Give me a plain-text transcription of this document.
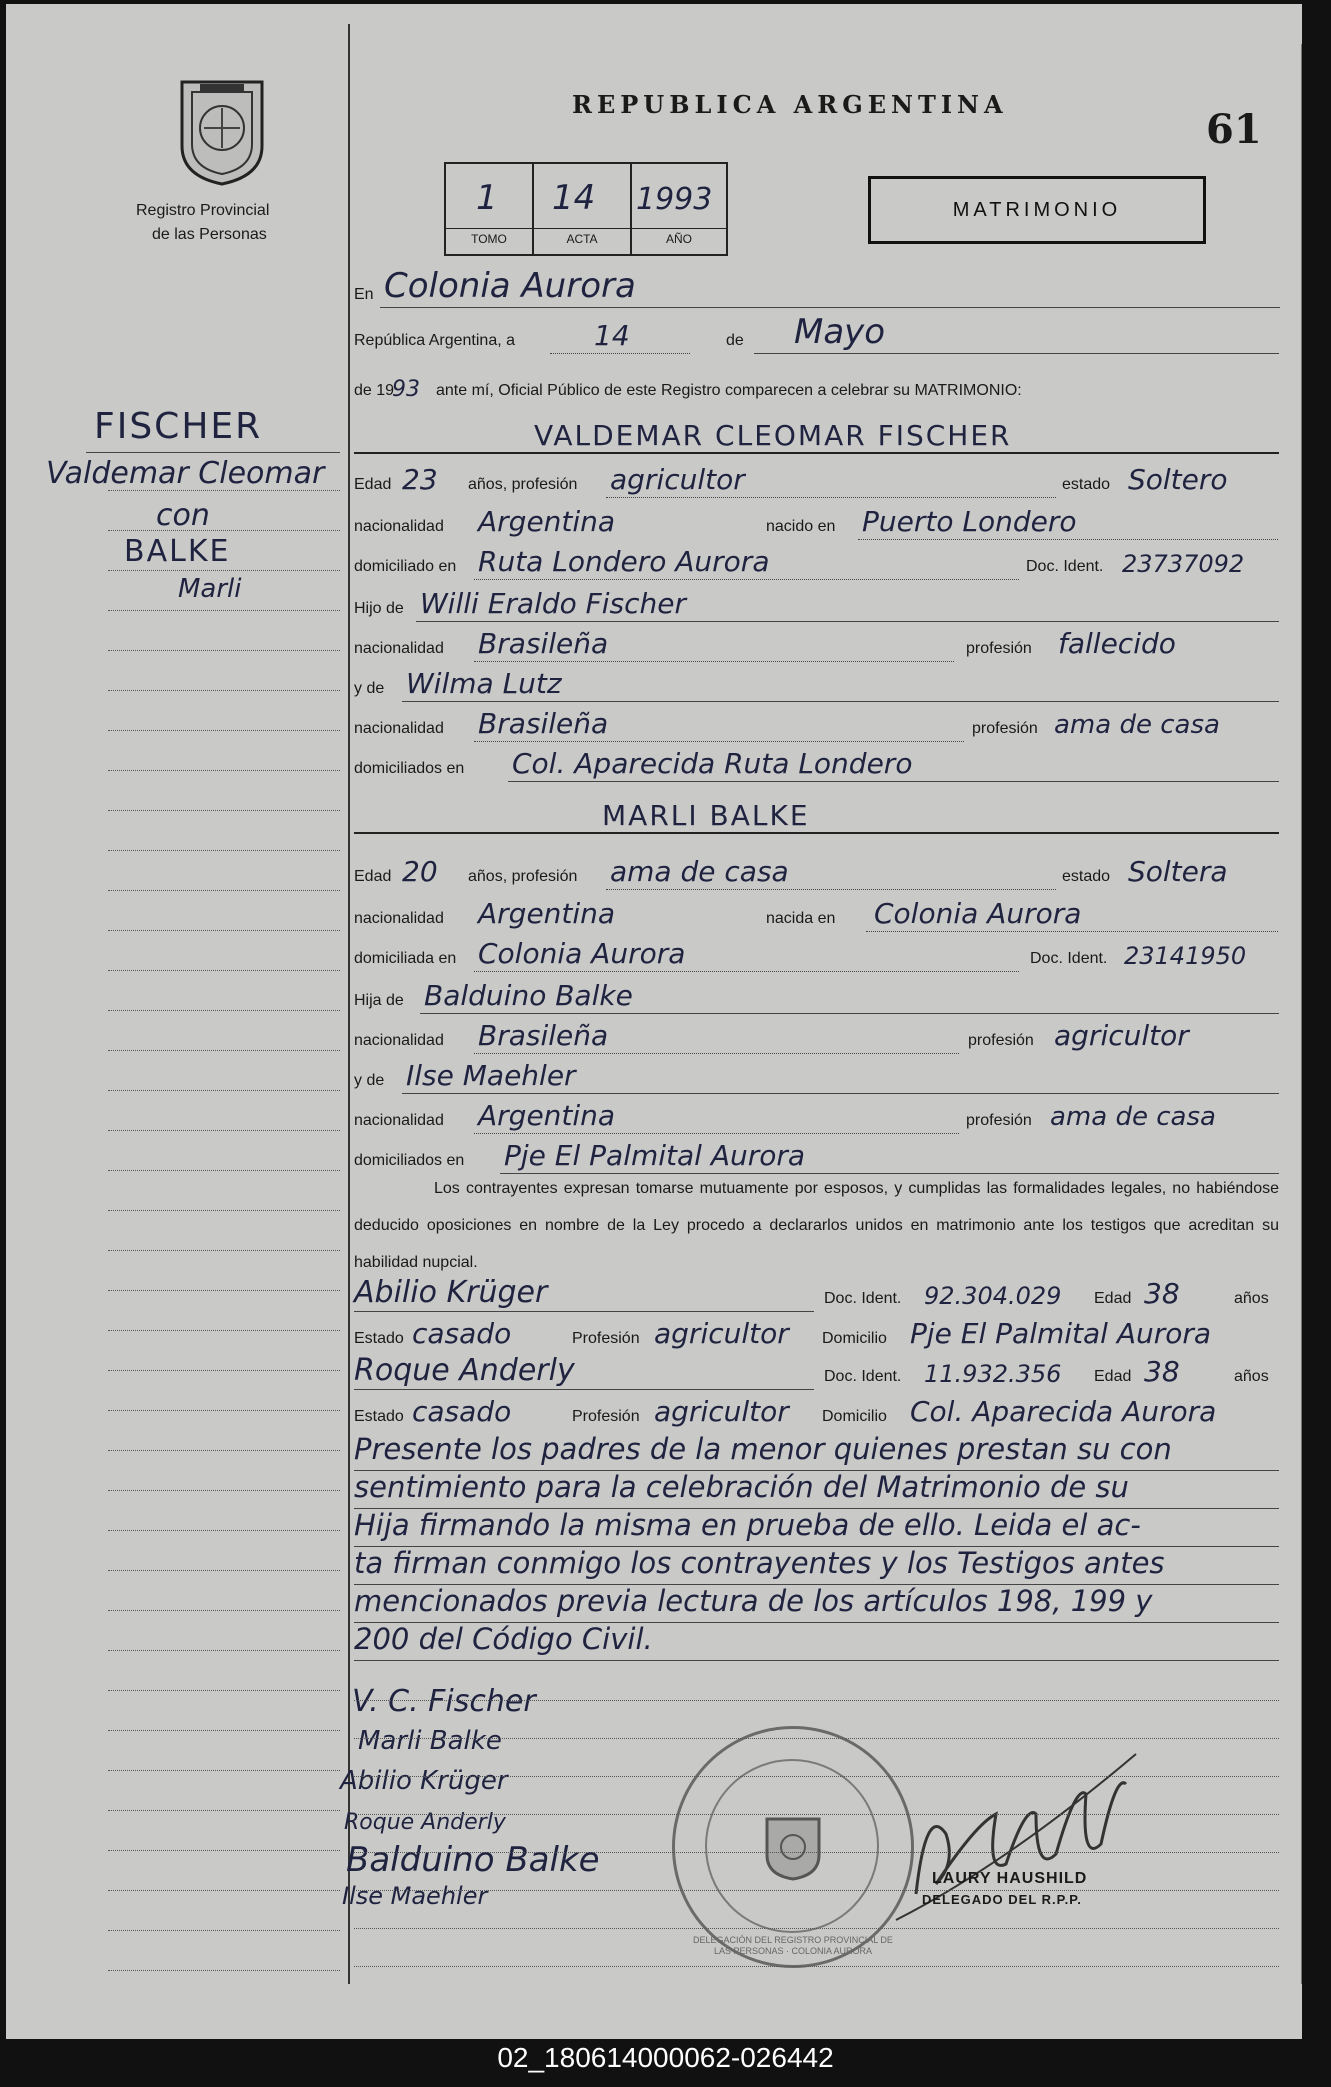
Registro Provincial
de las Personas
REPUBLICA ARGENTINA
61
1
TOMO
14
ACTA
1993
AÑO
MATRIMONIO
FISCHER
Valdemar Cleomar
con
BALKE
Marli
En Colonia Aurora
República Argentina, a	14	de Mayo
de 19
93 ante mí, Oficial Público de este Registro comparecen a celebrar su MATRIMONIO:
VALDEMAR CLEOMAR FISCHER
Edad 23 años, profesión agricultor	estado Soltero
nacionalidad Argentina	nacido en Puerto Londero
domiciliado en Ruta Londero Aurora	Doc. Ident. 23737092
Hijo de Willi Eraldo Fischer
nacionalidad Brasileña	profesión fallecido
y de Wilma Lutz
nacionalidad Brasileña	profesión ama de casa
domiciliados en Col. Aparecida Ruta Londero
MARLI BALKE
Edad 20 años, profesión ama de casa	estado Soltera
nacionalidad Argentina	nacida en Colonia Aurora
domiciliada en Colonia Aurora	Doc. Ident. 23141950
Hija de Balduino Balke
nacionalidad Brasileña	profesión agricultor
y de Ilse Maehler
nacionalidad Argentina	profesión ama de casa
domiciliados en Pje El Palmital Aurora
Los contrayentes expresan tomarse mutuamente por esposos, y cumplidas las formalidades legales, no habiéndose deducido oposiciones en nombre de la Ley procedo a declararlos unidos en matrimonio ante los testigos que acreditan su habilidad nupcial.
Abilio Krüger	Doc. Ident. 92.304.029 Edad 38	años
Estado casado	Profesión agricultor Domicilio Pje El Palmital Aurora
Roque Anderly	Doc. Ident. 11.932.356 Edad 38	años
Estado casado	Profesión agricultor Domicilio Col. Aparecida Aurora
Presente los padres de la menor quienes prestan su con
sentimiento para la celebración del Matrimonio de su
Hija firmando la misma en prueba de ello. Leida el ac-
ta firman conmigo los contrayentes y los Testigos antes
mencionados previa lectura de los artículos 198, 199 y
200 del Código Civil.
V. C. Fischer
Marli Balke
Abilio Krüger
Roque Anderly
Balduino Balke
Ilse Maehler
DELEGACIÓN DEL REGISTRO PROVINCIAL DE LAS PERSONAS · COLONIA AURORA
LAURY HAUSHILD
DELEGADO DEL R.P.P.
02_180614000062-026442
